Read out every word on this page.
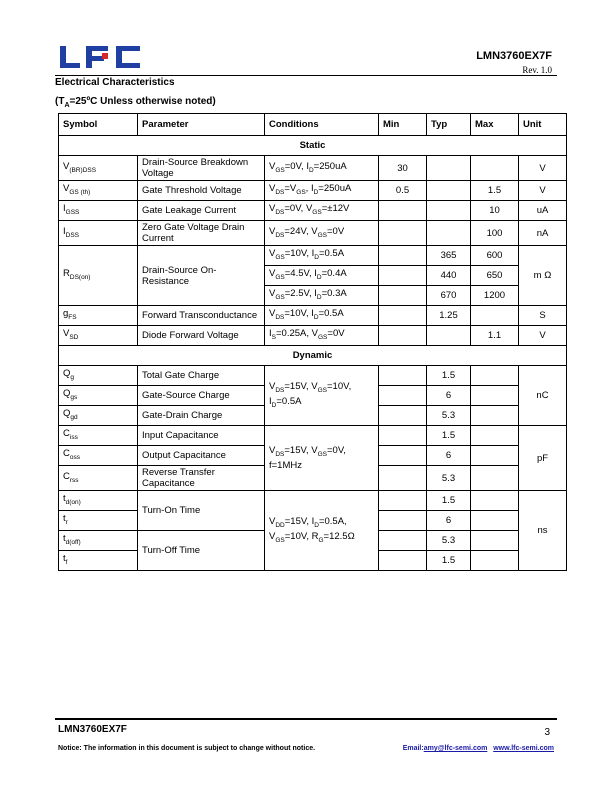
LMN3760EX7F
Rev. 1.0
Electrical Characteristics
($T_A=25ºC$ Unless otherwise noted)
Symbol	Parameter	Conditions	Min	Typ	Max	Unit
Static						
$V_{(BR)DSS}$	Drain-Source Breakdown Voltage	$V_{GS}=0V$, $I_D=250uA$	30			V
$V_{GS (th)}$	Gate Threshold Voltage	$V_{DS}=V_{GS}$, $I_D=250uA$	0.5		1.5	V
$I_{GSS}$	Gate Leakage Current	$V_{DS}=0V$, $V_{GS}=\pm 12V$			10	uA
$I_{DSS}$	Zero Gate Voltage Drain Current	$V_{DS}=24V$, $V_{GS}=0V$			100	nA
$R_{DS(on)}$	Drain-Source On-Resistance	$V_{GS}=10V$, $I_D=0.5A$		365	600	m Ω
		$V_{GS}=4.5V$, $I_D=0.4A$		440	650	
		$V_{GS}=2.5V$, $I_D=0.3A$		670	1200	
$g_{FS}$	Forward Transconductance	$V_{DS}=10V$, $I_D=0.5A$		1.25		S
$V_{SD}$	Diode Forward Voltage	$I_S=0.25A$, $V_{GS}=0V$			1.1	V
Dynamic						
$Q_g$	Total Gate Charge	$V_{DS}=15V$, $V_{GS}=10V$, $I_D=0.5A$		1.5		nC
$Q_{gs}$	Gate-Source Charge			6		
$Q_{gd}$	Gate-Drain Charge			5.3		
$C_{iss}$	Input Capacitance	$V_{DS}=15V$, $V_{GS}=0V$, f=1MHz		1.5		pF
$C_{oss}$	Output Capacitance			6		
$C_{rss}$	Reverse Transfer Capacitance			5.3		
$t_{d(on)}$	Turn-On Time	$V_{DD}=15V$, $I_D=0.5A$, $V_{GS}=10V$, $R_G=12.5\Omega$		1.5		ns
$t_r$				6		
$t_{d(off)}$	Turn-Off Time			5.3		
$t_f$				1.5		
LMN3760EX7F	3
Notice: The information in this document is subject to change without notice.	Email:amy@lfc-semi.com www.lfc-semi.com
